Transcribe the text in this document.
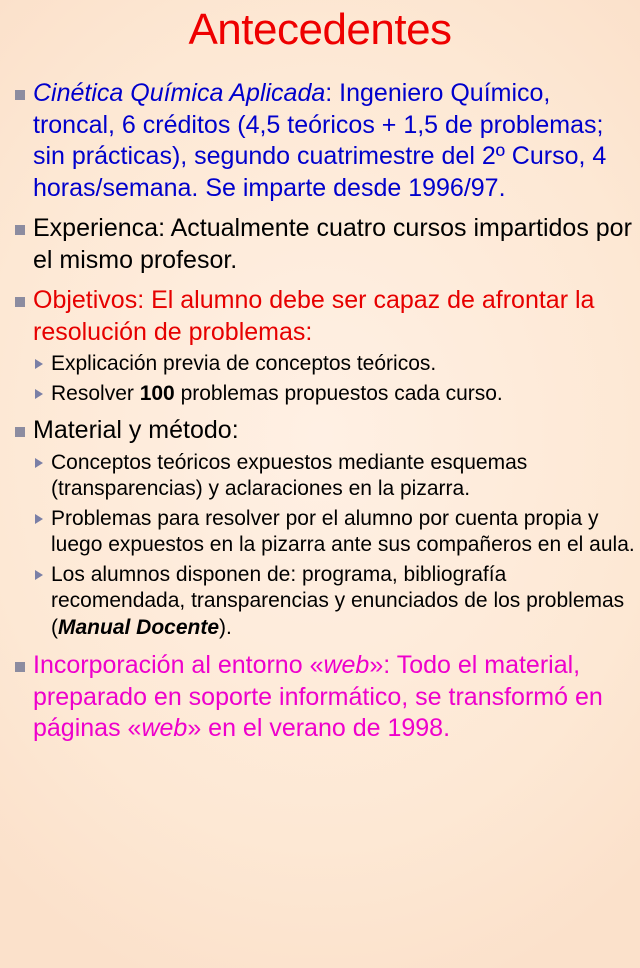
Antecedentes
Cinética Química Aplicada: Ingeniero Químico, troncal, 6 créditos (4,5 teóricos + 1,5 de problemas; sin prácticas), segundo cuatrimestre del 2º Curso, 4 horas/semana. Se imparte desde 1996/97.
Experienca: Actualmente cuatro cursos impartidos por el mismo profesor.
Objetivos: El alumno debe ser capaz de afrontar la resolución de problemas:
Explicación previa de conceptos teóricos.
Resolver 100 problemas propuestos cada curso.
Material y método:
Conceptos teóricos expuestos mediante esquemas (transparencias) y aclaraciones en la pizarra.
Problemas para resolver por el alumno por cuenta propia y luego expuestos en la pizarra ante sus compañeros en el aula.
Los alumnos disponen de: programa, bibliografía recomendada, transparencias y enunciados de los problemas (Manual Docente).
Incorporación al entorno «web»: Todo el material, preparado en soporte informático, se transformó en páginas «web» en el verano de 1998.
